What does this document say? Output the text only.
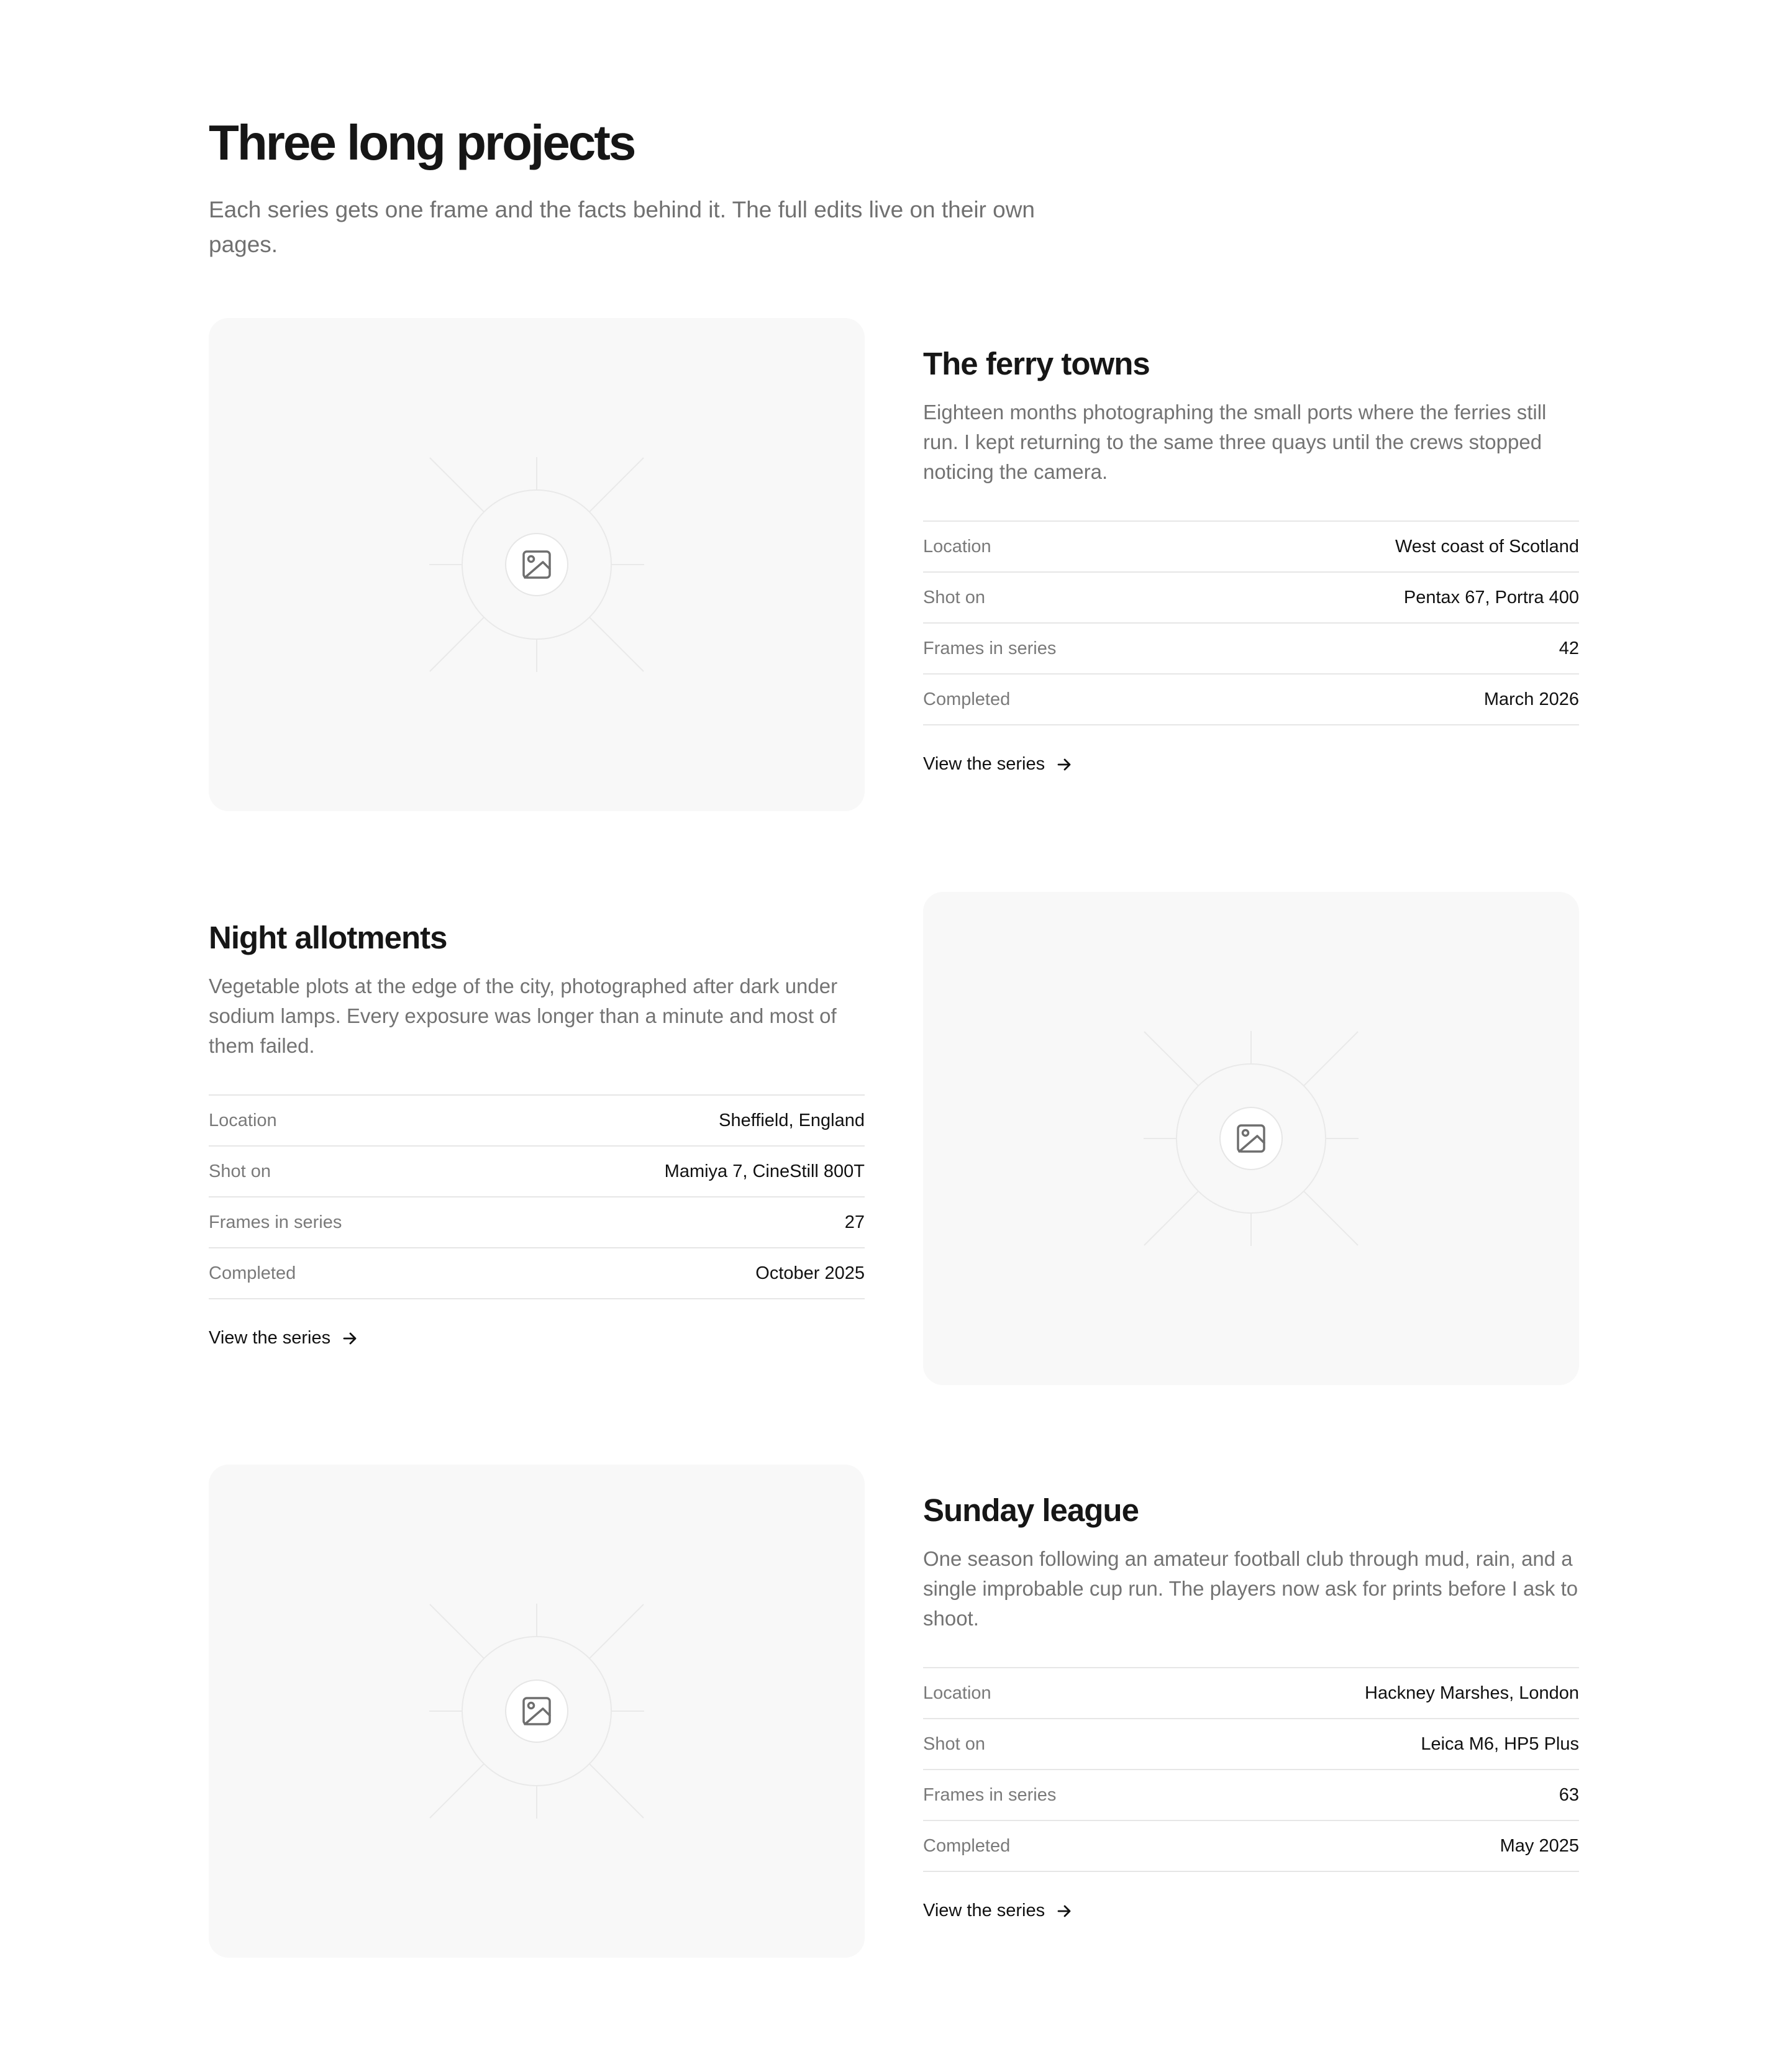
Three long projects

Each series gets one frame and the facts behind it. The full edits live on their own pages.

The ferry towns

Eighteen months photographing the small ports where the ferries still run. I kept returning to the same three quays until the crews stopped noticing the camera.

Location	West coast of Scotland
Shot on	Pentax 67, Portra 400
Frames in series	42
Completed	March 2026
View the series
Night allotments

Vegetable plots at the edge of the city, photographed after dark under sodium lamps. Every exposure was longer than a minute and most of them failed.

Location	Sheffield, England
Shot on	Mamiya 7, CineStill 800T
Frames in series	27
Completed	October 2025
View the series
Sunday league

One season following an amateur football club through mud, rain, and a single improbable cup run. The players now ask for prints before I ask to shoot.

Location	Hackney Marshes, London
Shot on	Leica M6, HP5 Plus
Frames in series	63
Completed	May 2025
View the series
